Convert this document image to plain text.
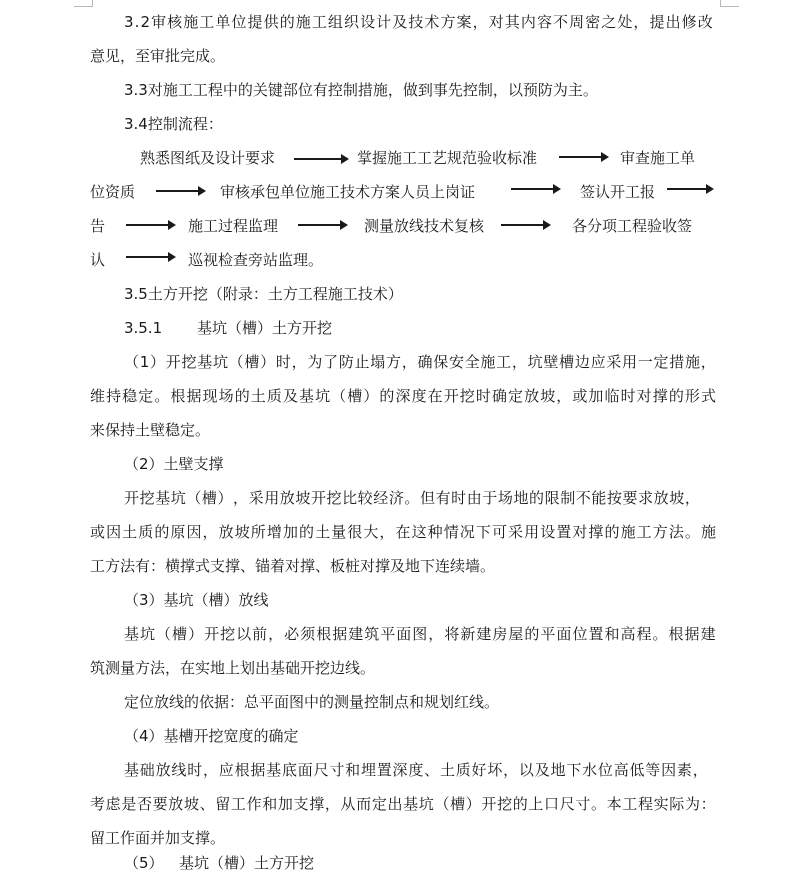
3 . 2 审 核 施 工 单 位 提 供 的 施 工 组 织 设 计 及 技 术 方 案 ， 对 其 内 容 不 周 密 之 处 ， 提 出 修 改
意见，至审批完成。
3.3对施工工程中的关键部位有控制措施，做到事先控制，以预防为主。
3.4控制流程：
熟悉图纸及设计要求	掌握施工工艺规范验收标准	审查施工单
位资质	审核承包单位施工技术方案人员上岗证	签认开工报
告	施工过程监理	测量放线技术复核	各分项工程验收签
认	巡视检查旁站监理。
3.5土方开挖（附录：土方工程施工技术）
3.5.1 基坑（槽）土方开挖
（ 1 ） 开 挖 基 坑 （ 槽 ） 时 ， 为 了 防 止 塌 方 ， 确 保 安 全 施 工 ， 坑 壁 槽 边 应 采 用 一 定 措 施 ，
维 持 稳 定 。 根 据 现 场 的 土 质 及 基 坑 （ 槽 ） 的 深 度 在 开 挖 时 确 定 放 坡 ， 或 加 临 时 对 撑 的 形 式
来保持土壁稳定。
（2）土壁支撑
开 挖 基 坑 （ 槽 ） ， 采 用 放 坡 开 挖 比 较 经 济 。 但 有 时 由 于 场 地 的 限 制 不 能 按 要 求 放 坡 ，
或 因 土 质 的 原 因 ， 放 坡 所 增 加 的 土 量 很 大 ， 在 这 种 情 况 下 可 采 用 设 置 对 撑 的 施 工 方 法 。 施
工方法有：横撑式支撑、锚着对撑、板桩对撑及地下连续墙。
（3）基坑（槽）放线
基 坑 （ 槽 ） 开 挖 以 前 ， 必 须 根 据 建 筑 平 面 图 ， 将 新 建 房 屋 的 平 面 位 置 和 高 程 。 根 据 建
筑测量方法，在实地上划出基础开挖边线。
定位放线的依据：总平面图中的测量控制点和规划红线。
（4）基槽开挖宽度的确定
基 础 放 线 时 ， 应 根 据 基 底 面 尺 寸 和 埋 置 深 度 、 土 质 好 坏 ， 以 及 地 下 水 位 高 低 等 因 素 ，
考 虑 是 否 要 放 坡 、 留 工 作 和 加 支 撑 ， 从 而 定 出 基 坑 （ 槽 ） 开 挖 的 上 口 尺 寸 。 本 工 程 实 际 为 ：
留工作面并加支撑。
（5） 基坑（槽）土方开挖
